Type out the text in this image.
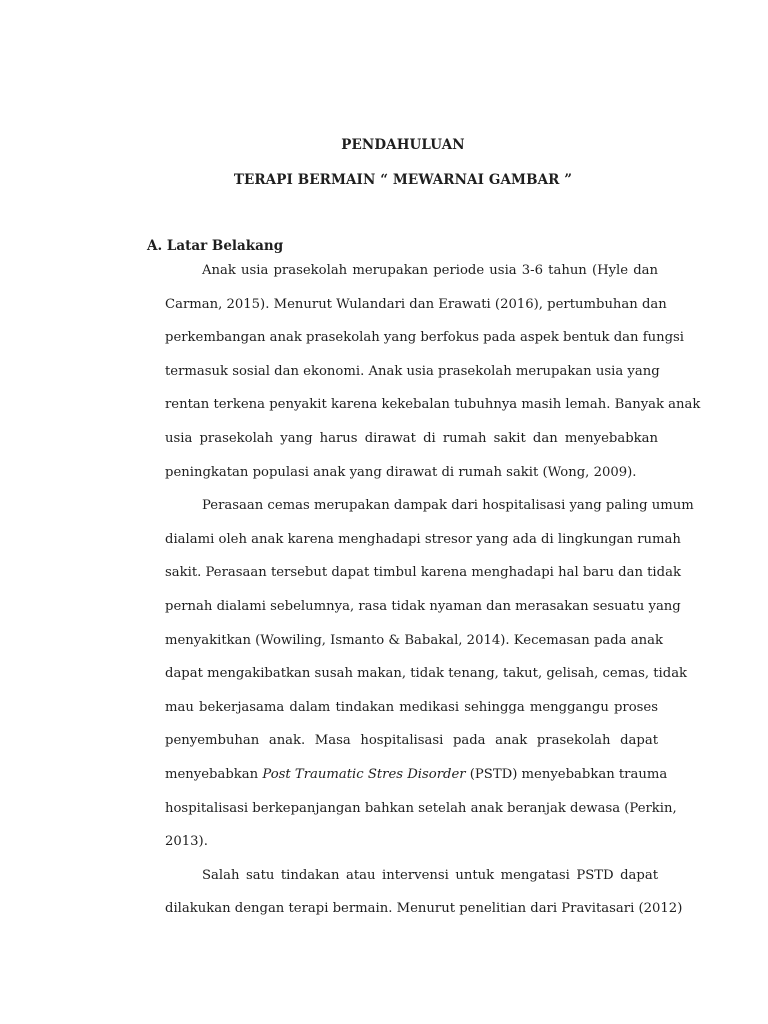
PENDAHULUAN
TERAPI BERMAIN “ MEWARNAI GAMBAR ”
A. Latar Belakang
Anak usia prasekolah merupakan periode usia 3-6 tahun (Hyle dan
Carman, 2015). Menurut Wulandari dan Erawati (2016), pertumbuhan dan
perkembangan anak prasekolah yang berfokus pada aspek bentuk dan fungsi
termasuk sosial dan ekonomi. Anak usia prasekolah merupakan usia yang
rentan terkena penyakit karena kekebalan tubuhnya masih lemah. Banyak anak
usia prasekolah yang harus dirawat di rumah sakit dan menyebabkan
peningkatan populasi anak yang dirawat di rumah sakit (Wong, 2009).
Perasaan cemas merupakan dampak dari hospitalisasi yang paling umum
dialami oleh anak karena menghadapi stresor yang ada di lingkungan rumah
sakit. Perasaan tersebut dapat timbul karena menghadapi hal baru dan tidak
pernah dialami sebelumnya, rasa tidak nyaman dan merasakan sesuatu yang
menyakitkan (Wowiling, Ismanto & Babakal, 2014). Kecemasan pada anak
dapat mengakibatkan susah makan, tidak tenang, takut, gelisah, cemas, tidak
mau bekerjasama dalam tindakan medikasi sehingga menggangu proses
penyembuhan anak. Masa hospitalisasi pada anak prasekolah dapat
menyebabkan Post Traumatic Stres Disorder (PSTD) menyebabkan trauma
hospitalisasi berkepanjangan bahkan setelah anak beranjak dewasa (Perkin,
2013).
Salah satu tindakan atau intervensi untuk mengatasi PSTD dapat
dilakukan dengan terapi bermain. Menurut penelitian dari Pravitasari (2012)
